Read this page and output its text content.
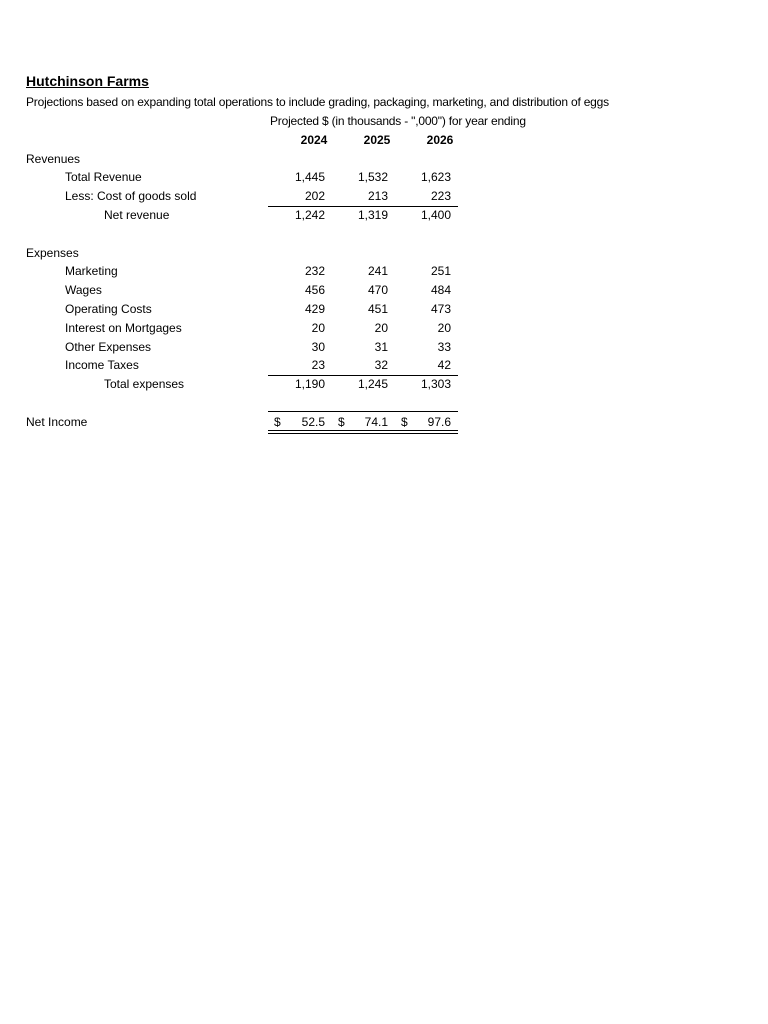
Hutchinson Farms
Projections based on expanding total operations to include grading, packaging, marketing, and distribution of eggs
Projected $ (in thousands - ",000") for year ending
2024	2025	2026
Revenues
Total Revenue	1,445	1,532	1,623
Less: Cost of goods sold	202	213	223
Net revenue	1,242	1,319	1,400
Expenses
Marketing	232	241	251
Wages	456	470	484
Operating Costs	429	451	473
Interest on Mortgages	20	20	20
Other Expenses	30	31	33
Income Taxes	23	32	42
Total expenses	1,190	1,245	1,303
Net Income	$	52.5 $	74.1 $	97.6
